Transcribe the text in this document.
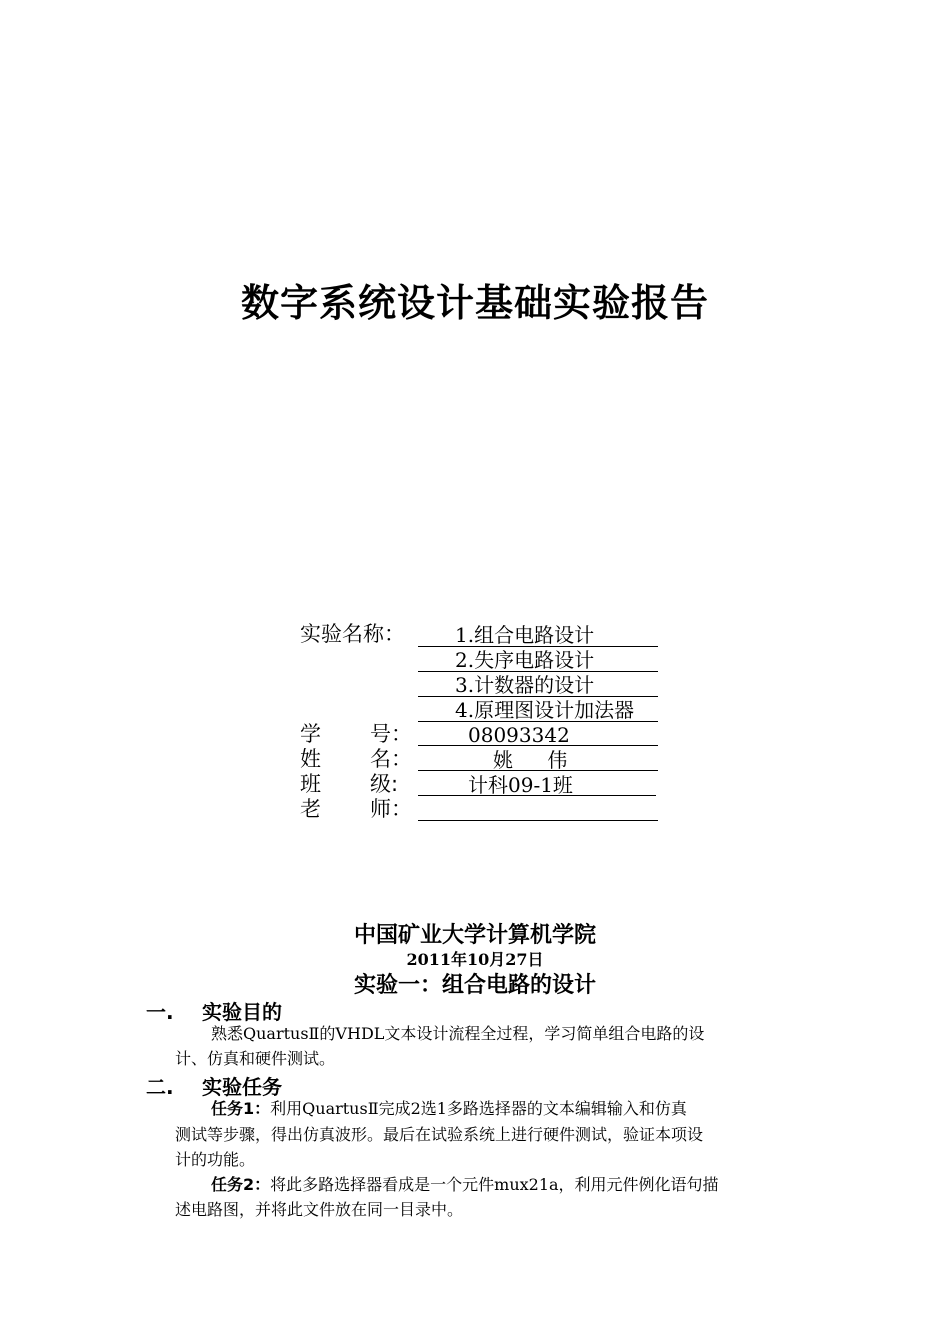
数字系统设计基础实验报告
实验名称：	1.组合电路设计
2.失序电路设计
3.计数器的设计
4.原理图设计加法器
学 号：	08093342
姓 名：	姚 伟
班 级:	计科09-1班
老 师：
中国矿业大学计算机学院
2011年10月27日
实验一：组合电路的设计
一. 实验目的
熟悉QuartusⅡ的VHDL文本设计流程全过程，学习简单组合电路的设
计、仿真和硬件测试。
二. 实验任务
任务1：利用QuartusⅡ完成2选1多路选择器的文本编辑输入和仿真
测试等步骤，得出仿真波形。最后在试验系统上进行硬件测试，验证本项设
计的功能。
任务2：将此多路选择器看成是一个元件mux21a，利用元件例化语句描
述电路图，并将此文件放在同一目录中。
